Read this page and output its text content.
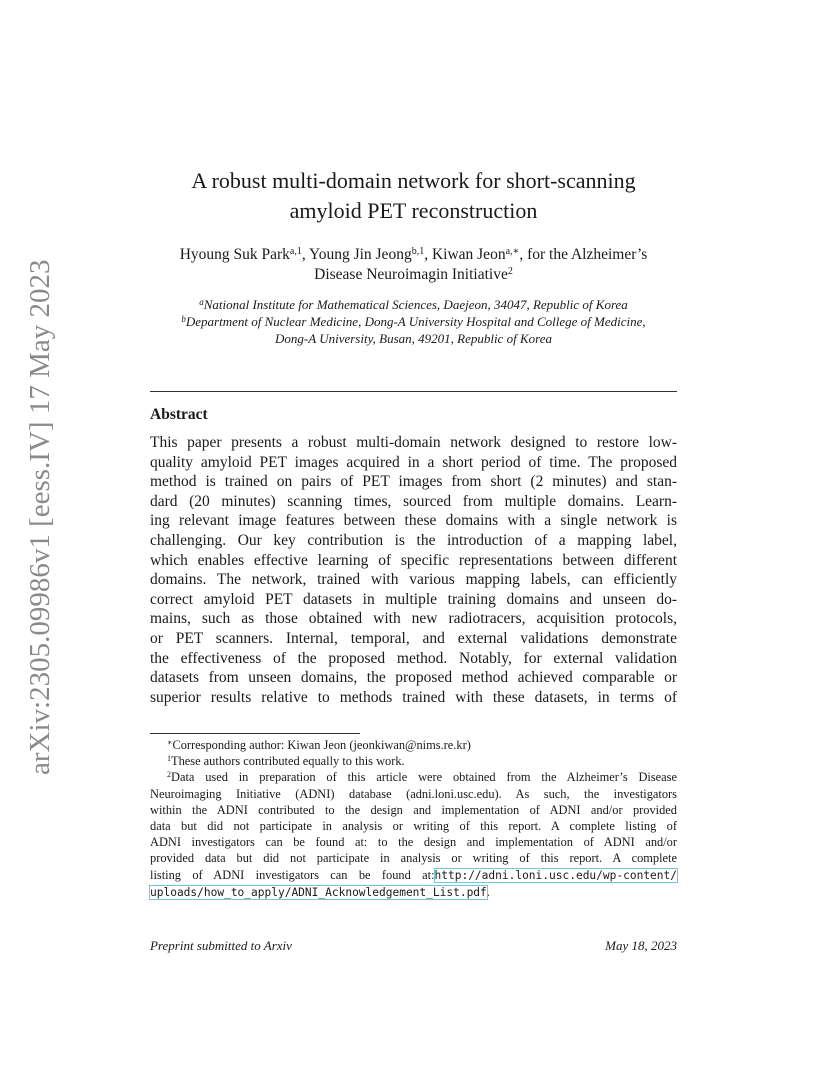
arXiv:2305.09986v1 [eess.IV] 17 May 2023
A robust multi-domain network for short-scanning
amyloid PET reconstruction
Hyoung Suk Park$^{a,1}$, Young Jin Jeong$^{b,1}$, Kiwan Jeon$^{a,∗}$, for the Alzheimer’s
Disease Neuroimagin Initiative$^2$
$^a$National Institute for Mathematical Sciences, Daejeon, 34047, Republic of Korea
$^b$Department of Nuclear Medicine, Dong-A University Hospital and College of Medicine,
Dong-A University, Busan, 49201, Republic of Korea
Abstract
This paper presents a robust multi-domain network designed to restore low-
quality amyloid PET images acquired in a short period of time. The proposed
method is trained on pairs of PET images from short (2 minutes) and stan-
dard (20 minutes) scanning times, sourced from multiple domains. Learn-
ing relevant image features between these domains with a single network is
challenging. Our key contribution is the introduction of a mapping label,
which enables effective learning of specific representations between different
domains. The network, trained with various mapping labels, can efficiently
correct amyloid PET datasets in multiple training domains and unseen do-
mains, such as those obtained with new radiotracers, acquisition protocols,
or PET scanners. Internal, temporal, and external validations demonstrate
the effectiveness of the proposed method. Notably, for external validation
datasets from unseen domains, the proposed method achieved comparable or
superior results relative to methods trained with these datasets, in terms of
∗Corresponding author: Kiwan Jeon (jeonkiwan@nims.re.kr)
$^1$These authors contributed equally to this work.
$^2$Data used in preparation of this article were obtained from the Alzheimer’s Disease
Neuroimaging Initiative (ADNI) database (adni.loni.usc.edu). As such, the investigators
within the ADNI contributed to the design and implementation of ADNI and/or provided
data but did not participate in analysis or writing of this report. A complete listing of
ADNI investigators can be found at: to the design and implementation of ADNI and/or
provided data but did not participate in analysis or writing of this report. A complete
listing of ADNI investigators can be found at:http://adni.loni.usc.edu/wp-content/
uploads/how_to_apply/ADNI_Acknowledgement_List.pdf.
Preprint submitted to Arxiv	May 18, 2023
